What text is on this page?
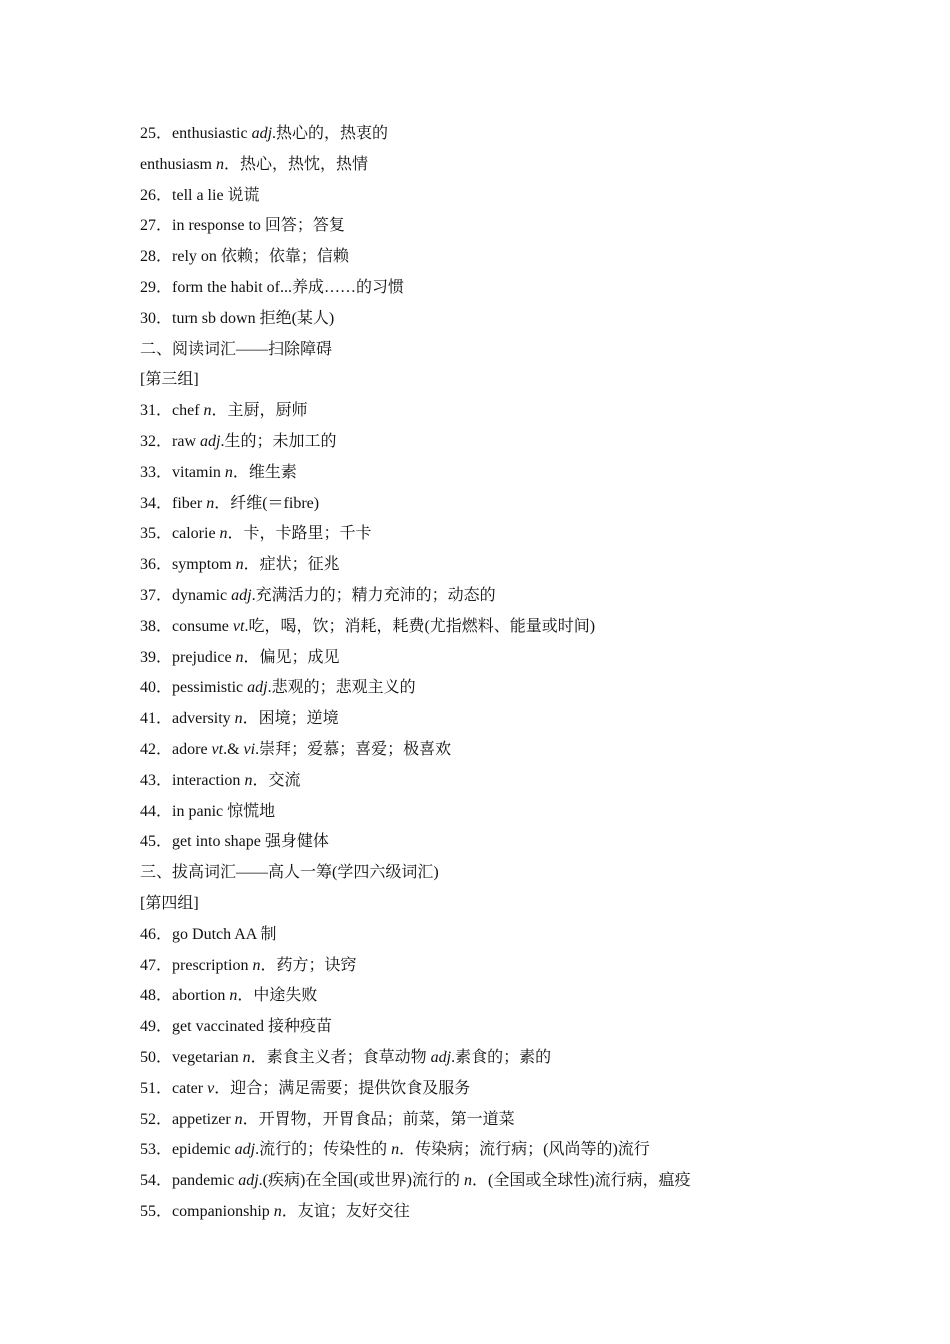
25．enthusiastic adj.热心的，热衷的
enthusiasm n．热心，热忱，热情
26．tell a lie 说谎
27．in response to 回答；答复
28．rely on 依赖；依靠；信赖
29．form the habit of...养成……的习惯
30．turn sb down 拒绝(某人)
二、阅读词汇——扫除障碍
[第三组]
31．chef n．主厨，厨师
32．raw adj.生的；未加工的
33．vitamin n．维生素
34．fiber n．纤维(＝fibre)
35．calorie n．卡，卡路里；千卡
36．symptom n．症状；征兆
37．dynamic adj.充满活力的；精力充沛的；动态的
38．consume vt.吃，喝，饮；消耗，耗费(尤指燃料、能量或时间)
39．prejudice n．偏见；成见
40．pessimistic adj.悲观的；悲观主义的
41．adversity n．困境；逆境
42．adore vt.& vi.崇拜；爱慕；喜爱；极喜欢
43．interaction n．交流
44．in panic 惊慌地
45．get into shape 强身健体
三、拔高词汇——高人一筹(学四六级词汇)
[第四组]
46．go Dutch AA 制
47．prescription n．药方；诀窍
48．abortion n．中途失败
49．get vaccinated 接种疫苗
50．vegetarian n．素食主义者；食草动物 adj.素食的；素的
51．cater v．迎合；满足需要；提供饮食及服务
52．appetizer n．开胃物，开胃食品；前菜，第一道菜
53．epidemic adj.流行的；传染性的 n．传染病；流行病；(风尚等的)流行
54．pandemic adj.(疾病)在全国(或世界)流行的 n．(全国或全球性)流行病，瘟疫
55．companionship n．友谊；友好交往
